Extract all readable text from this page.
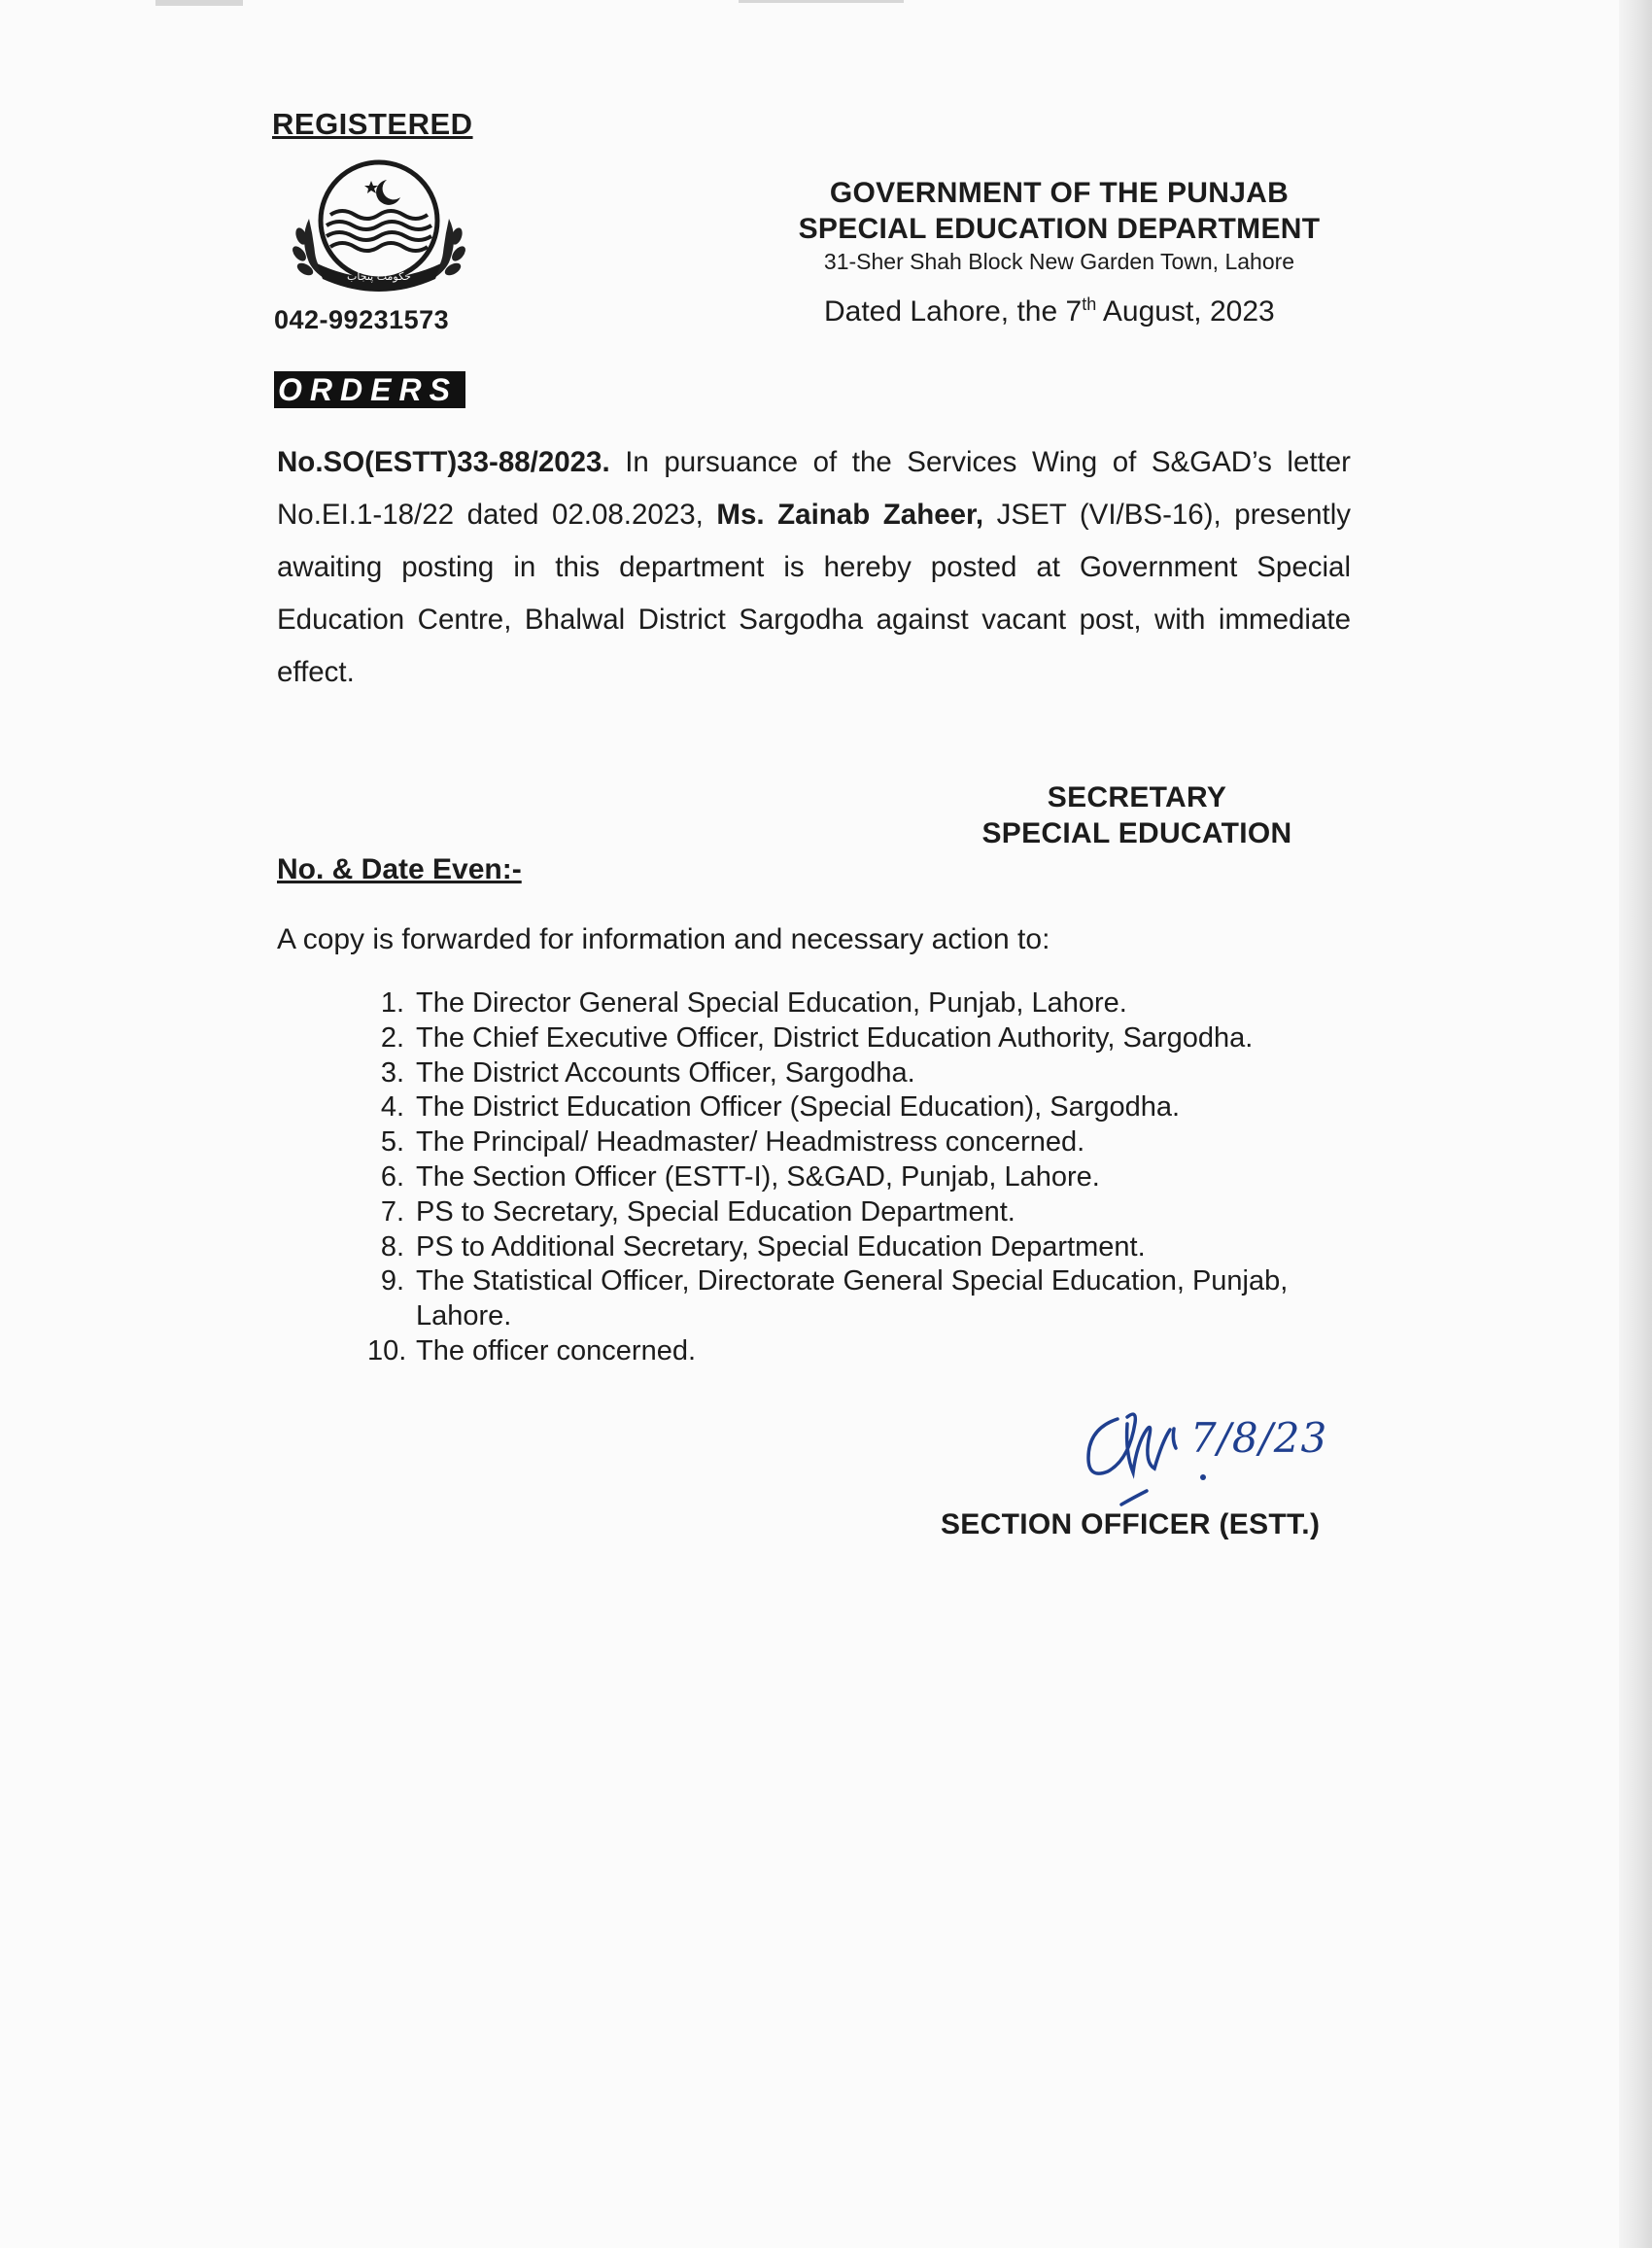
REGISTERED
حکومت پنجاب
042-99231573
GOVERNMENT OF THE PUNJAB
SPECIAL EDUCATION DEPARTMENT
31-Sher Shah Block New Garden Town, Lahore
Dated Lahore, the 7th August, 2023
ORDERS
No.SO(ESTT)33-88/2023. In pursuance of the Services Wing of S&GAD’s letter No.EI.1-18/22 dated 02.08.2023, Ms. Zainab Zaheer, JSET (VI/BS-16), presently awaiting posting in this department is hereby posted at Government Special Education Centre, Bhalwal District Sargodha against vacant post, with immediate effect.
SECRETARY
SPECIAL EDUCATION
No. & Date Even:-
A copy is forwarded for information and necessary action to:
1. The Director General Special Education, Punjab, Lahore.
2. The Chief Executive Officer, District Education Authority, Sargodha.
3. The District Accounts Officer, Sargodha.
4. The District Education Officer (Special Education), Sargodha.
5. The Principal/ Headmaster/ Headmistress concerned.
6. The Section Officer (ESTT-I), S&GAD, Punjab, Lahore.
7. PS to Secretary, Special Education Department.
8. PS to Additional Secretary, Special Education Department.
9. The Statistical Officer, Directorate General Special Education, Punjab, Lahore.
10. The officer concerned.
7/8/23
SECTION OFFICER (ESTT.)
